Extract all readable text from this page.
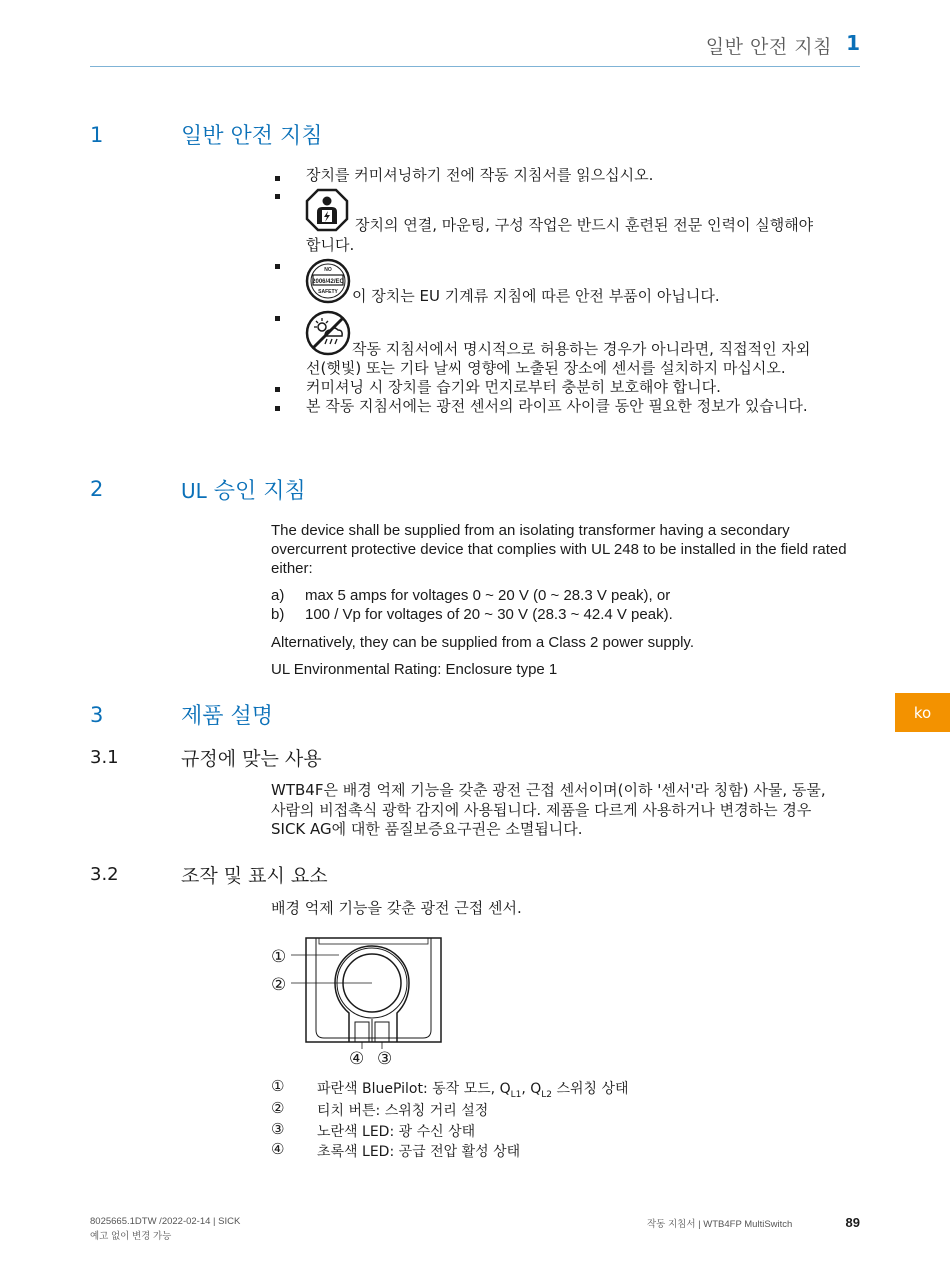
일반 안전 지침 1
1	일반 안전 지침
장치를 커미셔닝하기 전에 작동 지침서를 읽으십시오.
장치의 연결, 마운팅, 구성 작업은 반드시 훈련된 전문 인력이 실행해야
합니다.
NO
2006/42/EC
SAFETY 이 장치는 EU 기계류 지침에 따른 안전 부품이 아닙니다.
작동 지침서에서 명시적으로 허용하는 경우가 아니라면, 직접적인 자외
선(햇빛) 또는 기타 날씨 영향에 노출된 장소에 센서를 설치하지 마십시오.
커미셔닝 시 장치를 습기와 먼지로부터 충분히 보호해야 합니다.
본 작동 지침서에는 광전 센서의 라이프 사이클 동안 필요한 정보가 있습니다.
2	UL 승인 지침
The device shall be supplied from an isolating transformer having a secondary
overcurrent protective device that complies with UL 248 to be installed in the field rated
either:
a) max 5 amps for voltages 0 ~ 20 V (0 ~ 28.3 V peak), or
b) 100 / Vp for voltages of 20 ~ 30 V (28.3 ~ 42.4 V peak).
Alternatively, they can be supplied from a Class 2 power supply.
UL Environmental Rating: Enclosure type 1
ko
3	제품 설명
3.1	규정에 맞는 사용
WTB4F은 배경 억제 기능을 갖춘 광전 근접 센서이며(이하 '센서'라 칭함) 사물, 동물,
사람의 비접촉식 광학 감지에 사용됩니다. 제품을 다르게 사용하거나 변경하는 경우
SICK AG에 대한 품질보증요구권은 소멸됩니다.
3.2	조작 및 표시 요소
배경 억제 기능을 갖춘 광전 근접 센서.
①
②
④ ③
① 파란색 BluePilot: 동작 모드, $Q_{L1}$, $Q_{L2}$ 스위칭 상태
② 티치 버튼: 스위칭 거리 설정
③ 노란색 LED: 광 수신 상태
④ 초록색 LED: 공급 전압 활성 상태
8025665.1DTW /2022-02-14 | SICK
예고 없이 변경 가능
작동 지침서 | WTB4FP MultiSwitch	89
